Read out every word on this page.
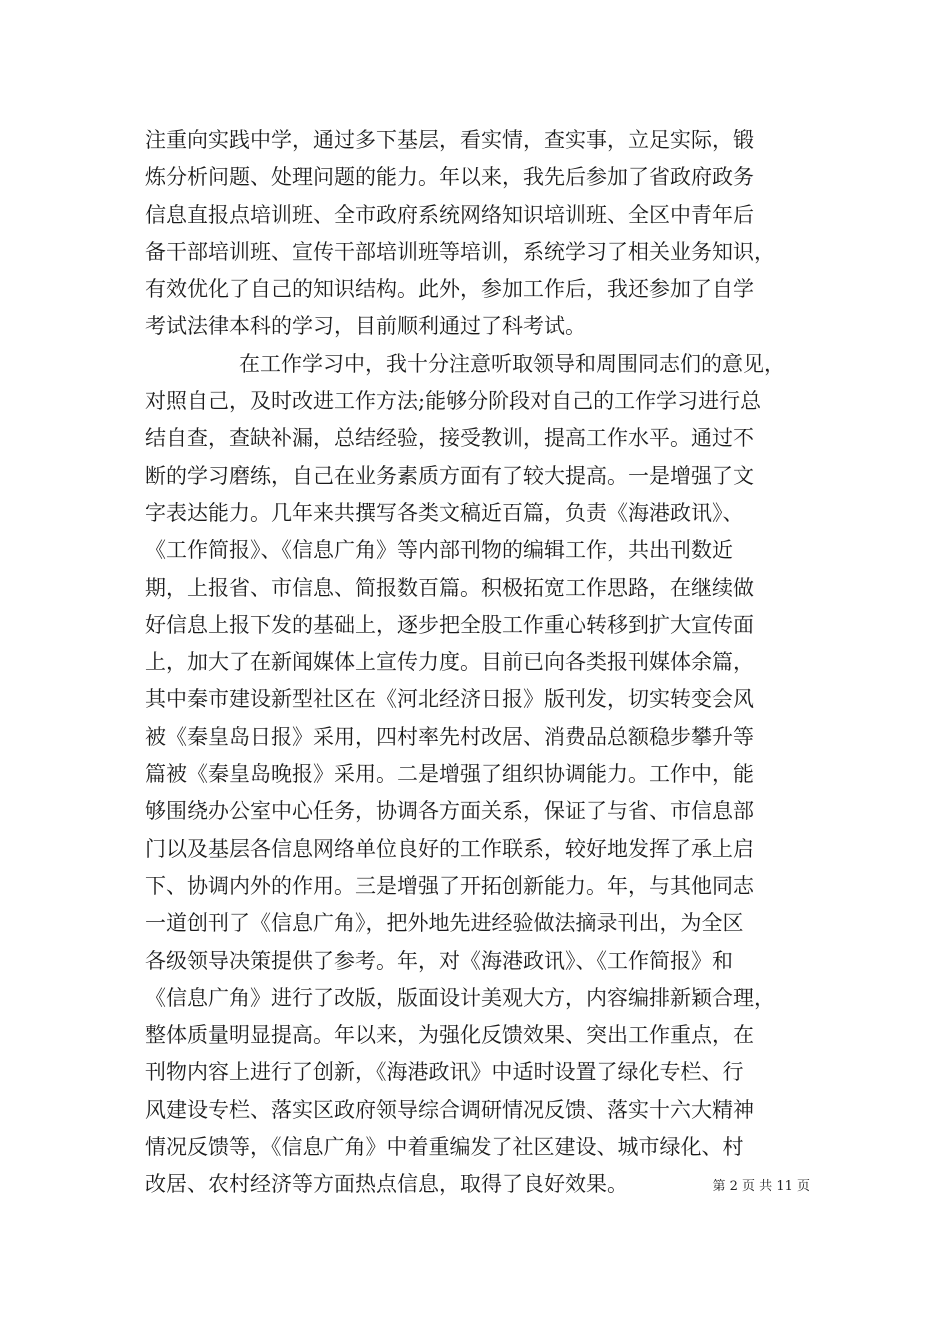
注重向实践中学，通过多下基层，看实情，查实事，立足实际，锻
炼分析问题、处理问题的能力。年以来，我先后参加了省政府政务
信息直报点培训班、全市政府系统网络知识培训班、全区中青年后
备干部培训班、宣传干部培训班等培训，系统学习了相关业务知识，
有效优化了自己的知识结构。此外，参加工作后，我还参加了自学
考试法律本科的学习，目前顺利通过了科考试。
在工作学习中，我十分注意听取领导和周围同志们的意见，
对照自己，及时改进工作方法;能够分阶段对自己的工作学习进行总
结自查，查缺补漏，总结经验，接受教训，提高工作水平。通过不
断的学习磨练，自己在业务素质方面有了较大提高。一是增强了文
字表达能力。几年来共撰写各类文稿近百篇，负责《海港政讯》、
《工作简报》、《信息广角》等内部刊物的编辑工作，共出刊数近
期，上报省、市信息、简报数百篇。积极拓宽工作思路，在继续做
好信息上报下发的基础上，逐步把全股工作重心转移到扩大宣传面
上，加大了在新闻媒体上宣传力度。目前已向各类报刊媒体余篇，
其中秦市建设新型社区在《河北经济日报》版刊发，切实转变会风
被《秦皇岛日报》采用，四村率先村改居、消费品总额稳步攀升等
篇被《秦皇岛晚报》采用。二是增强了组织协调能力。工作中，能
够围绕办公室中心任务，协调各方面关系，保证了与省、市信息部
门以及基层各信息网络单位良好的工作联系，较好地发挥了承上启
下、协调内外的作用。三是增强了开拓创新能力。年，与其他同志
一道创刊了《信息广角》，把外地先进经验做法摘录刊出，为全区
各级领导决策提供了参考。年，对《海港政讯》、《工作简报》和
《信息广角》进行了改版，版面设计美观大方，内容编排新颖合理，
整体质量明显提高。年以来，为强化反馈效果、突出工作重点，在
刊物内容上进行了创新，《海港政讯》中适时设置了绿化专栏、行
风建设专栏、落实区政府领导综合调研情况反馈、落实十六大精神
情况反馈等，《信息广角》中着重编发了社区建设、城市绿化、村
改居、农村经济等方面热点信息，取得了良好效果。	第 2 页 共 11 页
